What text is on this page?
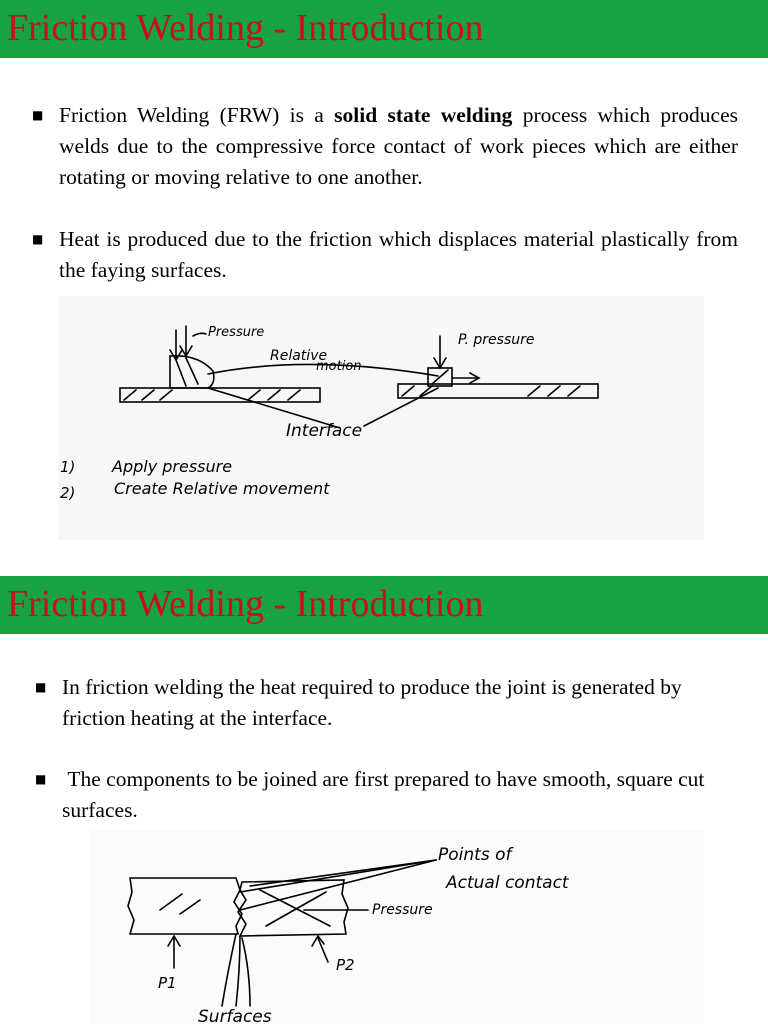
Friction Welding - Introduction
■ Friction Welding (FRW) is a solid state welding process which produces welds due to the compressive force contact of work pieces which are either rotating or moving relative to one another.
■ Heat is produced due to the friction which displaces material plastically from the faying surfaces.
Pressure
Relative
motion
P. pressure
Interface
1) Apply pressure
2) Create Relative movement
Friction Welding - Introduction
■ In friction welding the heat required to produce the joint is generated by friction heating at the interface.
■ The components to be joined are first prepared to have smooth, square cut surfaces.
Points of
Actual contact
Pressure
P1
P2
Surfaces
